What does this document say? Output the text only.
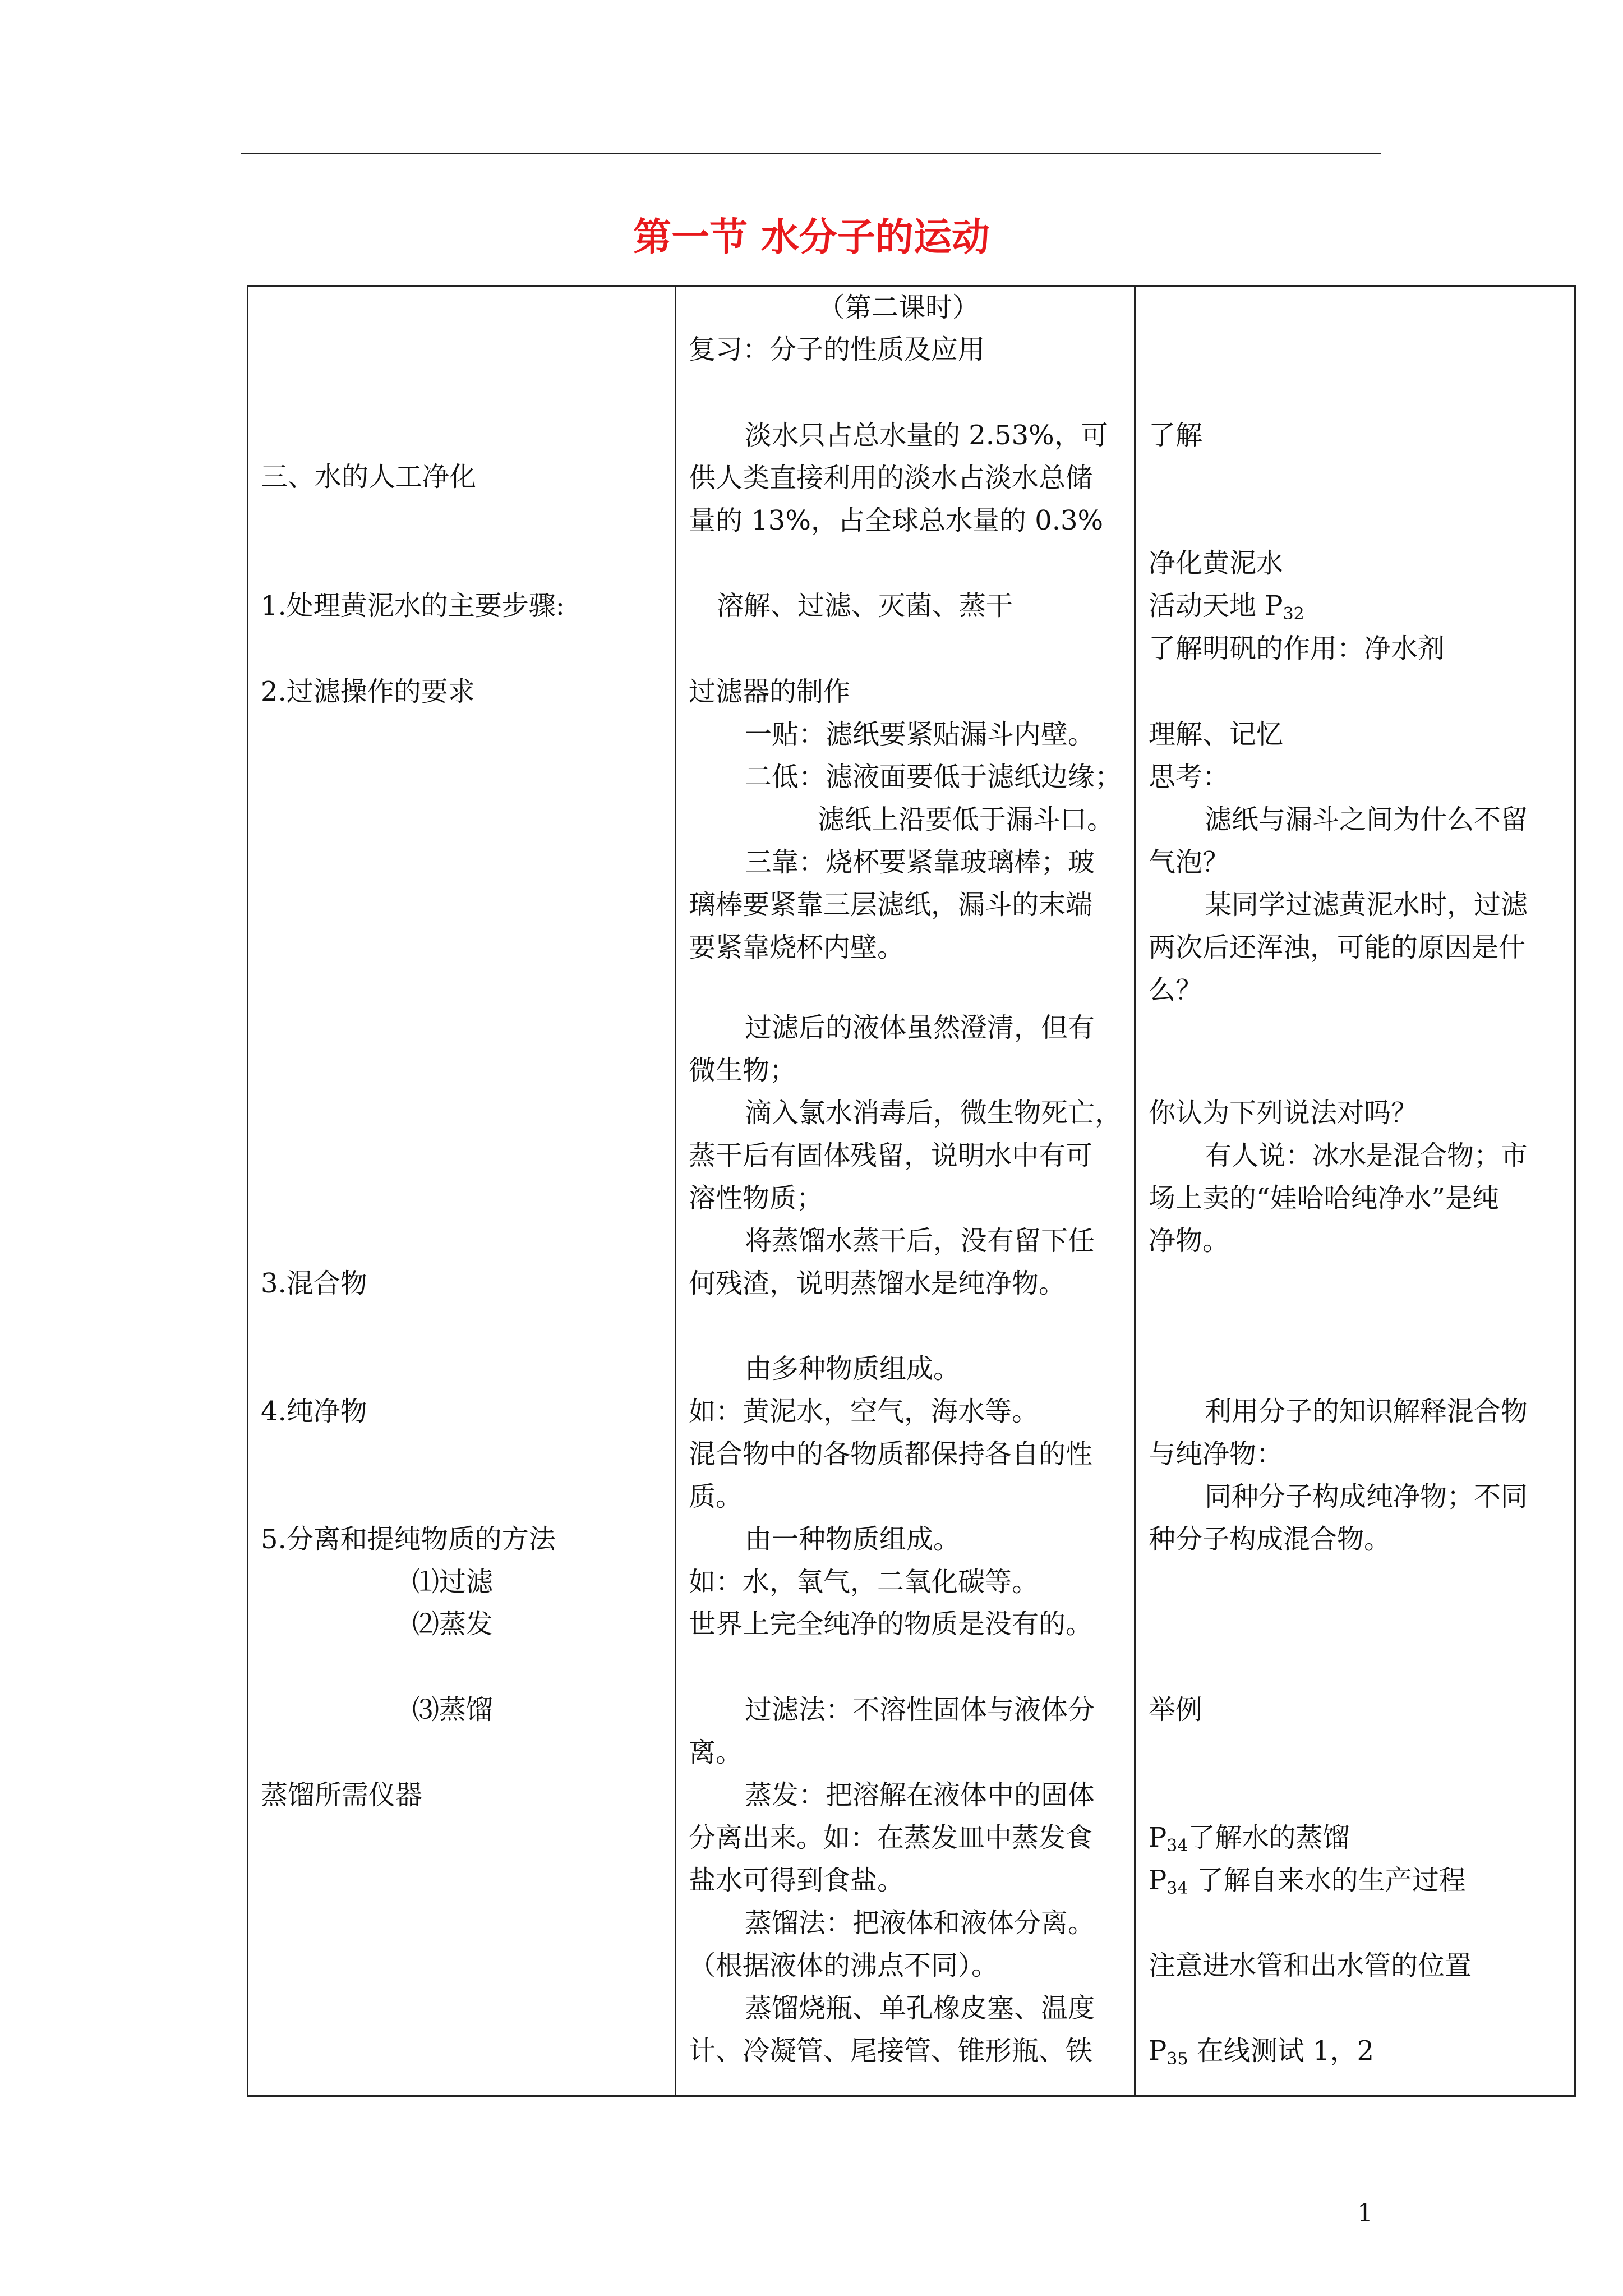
第一节 水分子的运动
三、水的人工净化
1.处理黄泥水的主要步骤:
2.过滤操作的要求
3.混合物
4.纯净物
5.分离和提纯物质的方法
⑴过滤
⑵蒸发
⑶蒸馏
蒸馏所需仪器
（第二课时）
复习：分子的性质及应用
淡水只占总水量的 2.53%，可
供人类直接利用的淡水占淡水总储
量的 13%，占全球总水量的 0.3%
溶解、过滤、灭菌、蒸干
过滤器的制作
一贴：滤纸要紧贴漏斗内壁。
二低：滤液面要低于滤纸边缘；
滤纸上沿要低于漏斗口。
三靠：烧杯要紧靠玻璃棒；玻
璃棒要紧靠三层滤纸，漏斗的末端
要紧靠烧杯内壁。
过滤后的液体虽然澄清，但有
微生物；
滴入氯水消毒后，微生物死亡，
蒸干后有固体残留，说明水中有可
溶性物质；
将蒸馏水蒸干后，没有留下任
何残渣，说明蒸馏水是纯净物。
由多种物质组成。
如：黄泥水，空气，海水等。
混合物中的各物质都保持各自的性
质。
由一种物质组成。
如：水，氧气，二氧化碳等。
世界上完全纯净的物质是没有的。
过滤法：不溶性固体与液体分
离。
蒸发：把溶解在液体中的固体
分离出来。如：在蒸发皿中蒸发食
盐水可得到食盐。
蒸馏法：把液体和液体分离。
（根据液体的沸点不同）。
蒸馏烧瓶、单孔橡皮塞、温度
计、冷凝管、尾接管、锥形瓶、铁
了解
净化黄泥水
活动天地 $P_{32}$
了解明矾的作用：净水剂
理解、记忆
思考：
滤纸与漏斗之间为什么不留
气泡？
某同学过滤黄泥水时，过滤
两次后还浑浊，可能的原因是什
么？
你认为下列说法对吗？
有人说：冰水是混合物；市
场上卖的“娃哈哈纯净水”是纯
净物。
利用分子的知识解释混合物
与纯净物：
同种分子构成纯净物；不同
种分子构成混合物。
举例
$P_{34}$了解水的蒸馏
$P_{34}$ 了解自来水的生产过程
注意进水管和出水管的位置
$P_{35}$ 在线测试 1，2
1
